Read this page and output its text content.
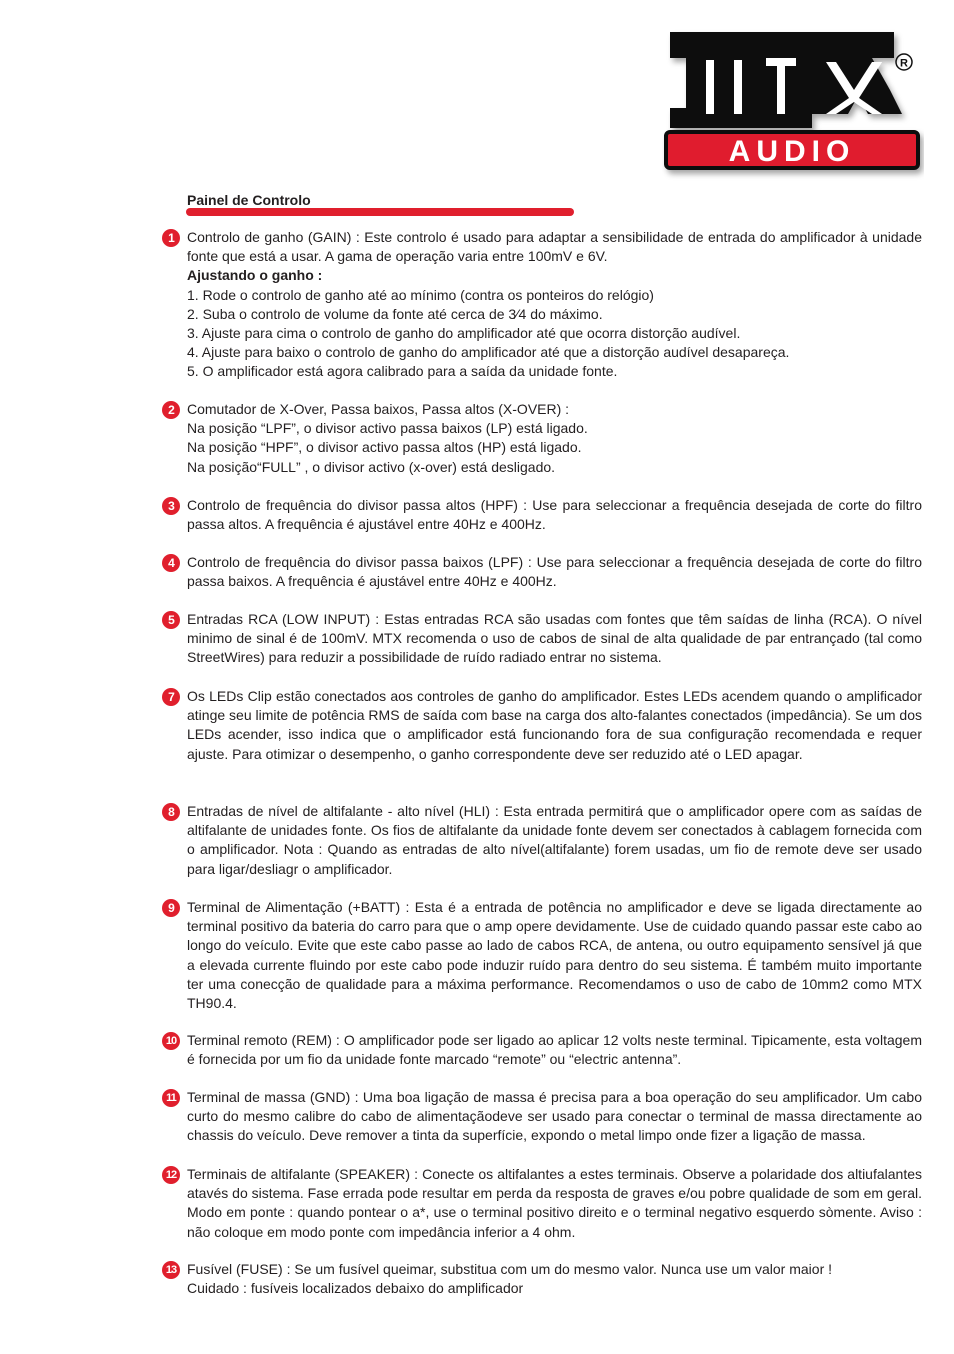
AUDIO
R
Painel de Controlo
1 Controlo de ganho (GAIN) : Este controlo é usado para adaptar a sensibilidade de entrada do amplificador à unidade fonte que está a usar. A gama de operação varia entre 100mV e 6V.

Ajustando o ganho :

1. Rode o controlo de ganho até ao mínimo (contra os ponteiros do relógio)

2. Suba o controlo de volume da fonte até cerca de 3⁄4 do máximo.

3. Ajuste para cima o controlo de ganho do amplificador até que ocorra distorção audível.

4. Ajuste para baixo o controlo de ganho do amplificador até que a distorção audível desapareça.

5. O amplificador está agora calibrado para a saída da unidade fonte.

2 Comutador de X-Over, Passa baixos, Passa altos (X-OVER) :

Na posição “LPF”, o divisor activo passa baixos (LP) está ligado.

Na posição “HPF”, o divisor activo passa altos (HP) está ligado.

Na posição“FULL” , o divisor activo (x-over) está desligado.

3 Controlo de frequência do divisor passa altos (HPF) : Use para seleccionar a frequência desejada de corte do filtro passa altos. A frequência é ajustável entre 40Hz e 400Hz.

4 Controlo de frequência do divisor passa baixos (LPF) : Use para seleccionar a frequência desejada de corte do filtro passa baixos. A frequência é ajustável entre 40Hz e 400Hz.

5 Entradas RCA (LOW INPUT) : Estas entradas RCA são usadas com fontes que têm saídas de linha (RCA). O nível minimo de sinal é de 100mV. MTX recomenda o uso de cabos de sinal de alta qualidade de par entrançado (tal como StreetWires) para reduzir a possibilidade de ruído radiado entrar no sistema.

7 Os LEDs Clip estão conectados aos controles de ganho do amplificador. Estes LEDs acendem quando o amplificador atinge seu limite de potência RMS de saída com base na carga dos alto-falantes conectados (impedância). Se um dos LEDs acender, isso indica que o amplificador está funcionando fora de sua configuração recomendada e requer ajuste. Para otimizar o desempenho, o ganho correspondente deve ser reduzido até o LED apagar.

8 Entradas de nível de altifalante - alto nível (HLI) : Esta entrada permitirá que o amplificador opere com as saídas de altifalante de unidades fonte. Os fios de altifalante da unidade fonte devem ser conectados à cablagem fornecida com o amplificador. Nota : Quando as entradas de alto nível(altifalante) forem usadas, um fio de remote deve ser usado para ligar/desliagr o amplificador.

9 Terminal de Alimentação (+BATT) : Esta é a entrada de potência no amplificador e deve se ligada directamente ao terminal positivo da bateria do carro para que o amp opere devidamente. Use de cuidado quando passar este cabo ao longo do veículo. Evite que este cabo passe ao lado de cabos RCA, de antena, ou outro equipamento sensível já que a elevada currente fluindo por este cabo pode induzir ruído para dentro do seu sistema. É também muito importante ter uma conecção de qualidade para a máxima performance. Recomendamos o uso de cabo de 10mm2 como MTX TH90.4.

10 Terminal remoto (REM) : O amplificador pode ser ligado ao aplicar 12 volts neste terminal. Tipicamente, esta voltagem é fornecida por um fio da unidade fonte marcado “remote” ou “electric antenna”.

11 Terminal de massa (GND) : Uma boa ligação de massa é precisa para a boa operação do seu amplificador. Um cabo curto do mesmo calibre do cabo de alimentaçãodeve ser usado para conectar o terminal de massa directamente ao chassis do veículo. Deve remover a tinta da superfície, expondo o metal limpo onde fizer a ligação de massa.

12 Terminais de altifalante (SPEAKER) : Conecte os altifalantes a estes terminais. Observe a polaridade dos altiufalantes atavés do sistema. Fase errada pode resultar em perda da resposta de graves e/ou pobre qualidade de som em geral. Modo em ponte : quando pontear o a*, use o terminal positivo direito e o terminal negativo esquerdo sòmente. Aviso : não coloque em modo ponte com impedância inferior a 4 ohm.

13 Fusível (FUSE) : Se um fusível queimar, substitua com um do mesmo valor. Nunca use um valor maior !

Cuidado : fusíveis localizados debaixo do amplificador
